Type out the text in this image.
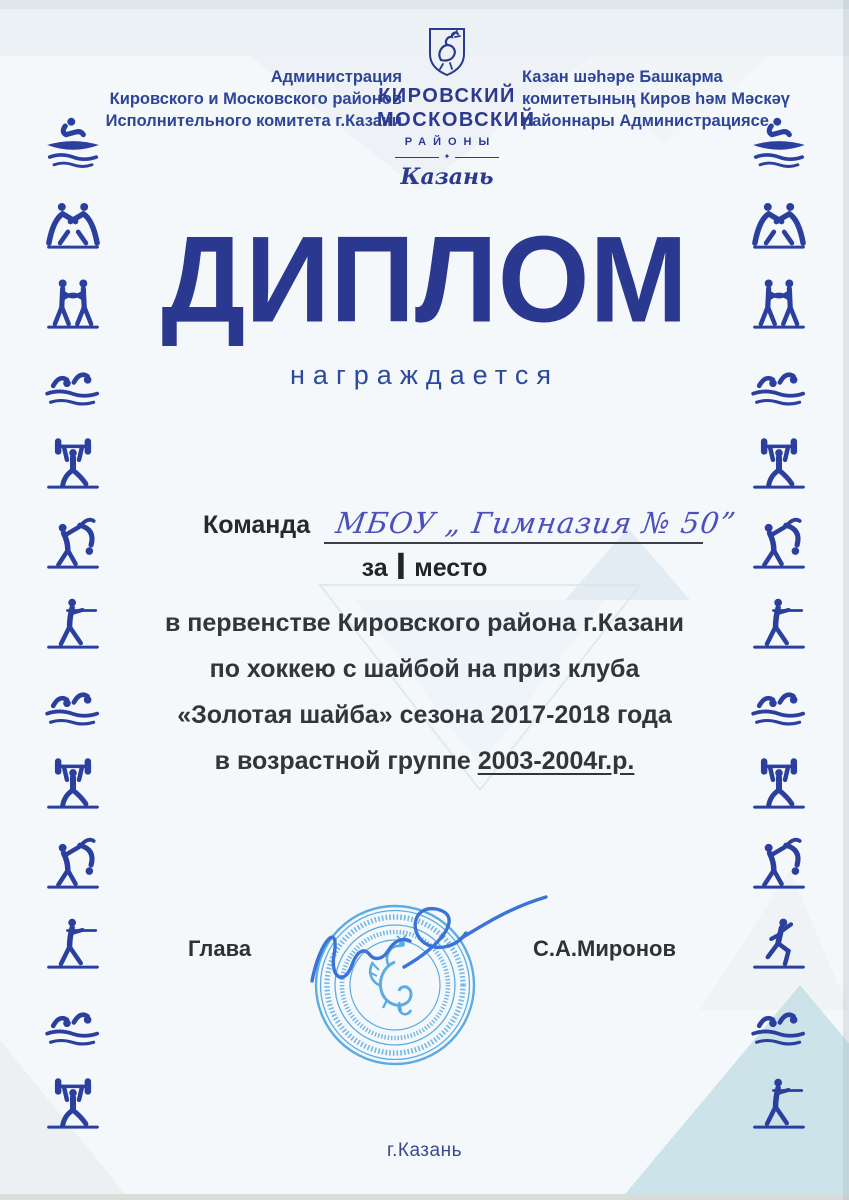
Администрация
Кировского и Московского районов
Исполнительного комитета г.Казани
Казан шәһәре Башкарма
комитетының Киров һәм Мәскәү
районнары Администрациясе
КИРОВСКИЙ
МОСКОВСКИЙ
РАЙОНЫ
✦
Казань
ДИПЛОМ
награждается
Команда МБОУ „ Гимназия № 50”
за I место
в первенстве Кировского района г.Казани
по хоккею с шайбой на приз клуба
«Золотая шайба» сезона 2017-2018 года
в возрастной группе 2003-2004г.р.
Глава	С.А.Миронов
г.Казань
